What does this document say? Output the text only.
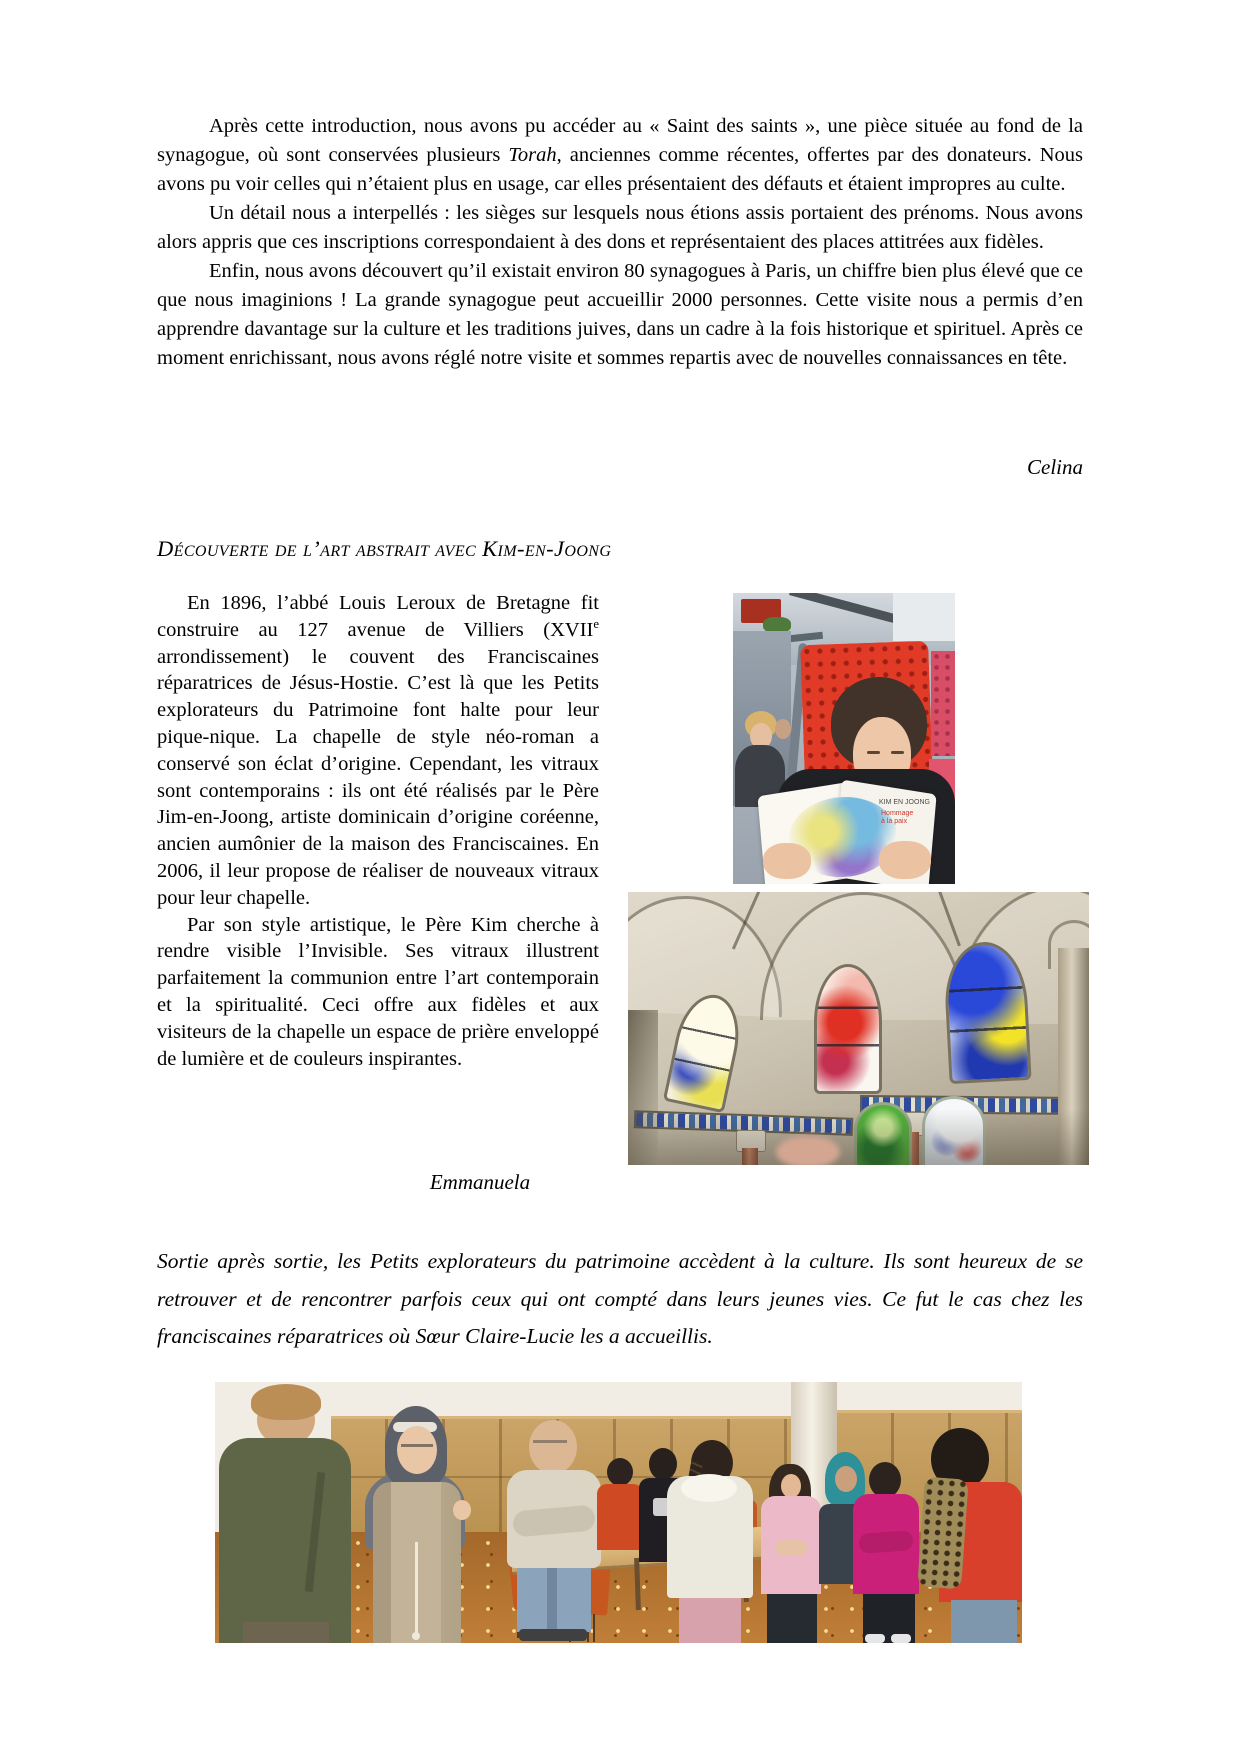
Après cette introduction, nous avons pu accéder au « Saint des saints », une pièce située au fond de la synagogue, où sont conservées plusieurs Torah, anciennes comme récentes, offertes par des donateurs. Nous avons pu voir celles qui n’étaient plus en usage, car elles présentaient des défauts et étaient impropres au culte.

Un détail nous a interpellés : les sièges sur lesquels nous étions assis portaient des prénoms. Nous avons alors appris que ces inscriptions correspondaient à des dons et représentaient des places attitrées aux fidèles.

Enfin, nous avons découvert qu’il existait environ 80 synagogues à Paris, un chiffre bien plus élevé que ce que nous imaginions ! La grande synagogue peut accueillir 2000 personnes. Cette visite nous a permis d’en apprendre davantage sur la culture et les traditions juives, dans un cadre à la fois historique et spirituel. Après ce moment enrichissant, nous avons réglé notre visite et sommes repartis avec de nouvelles connaissances en tête.

Celina
Découverte de l’art abstrait avec Kim-en-Joong

En 1896, l’abbé Louis Leroux de Bretagne fit construire au 127 avenue de Villiers (XVIIe arrondissement) le couvent des Franciscaines réparatrices de Jésus-Hostie. C’est là que les Petits explorateurs du Patrimoine font halte pour leur pique-nique. La chapelle de style néo-roman a conservé son éclat d’origine. Cependant, les vitraux sont contemporains : ils ont été réalisés par le Père Jim-en-Joong, artiste dominicain d’origine coréenne, ancien aumônier de la maison des Franciscaines. En 2006, il leur propose de réaliser de nouveaux vitraux pour leur chapelle.

Par son style artistique, le Père Kim cherche à rendre visible l’Invisible. Ses vitraux illustrent parfaitement la communion entre l’art contemporain et la spiritualité. Ceci offre aux fidèles et aux visiteurs de la chapelle un espace de prière enveloppé de lumière et de couleurs inspirantes.

Emmanuela
Sortie après sortie, les Petits explorateurs du patrimoine accèdent à la culture. Ils sont heureux de se retrouver et de rencontrer parfois ceux qui ont compté dans leurs jeunes vies. Ce fut le cas chez les franciscaines réparatrices où Sœur Claire-Lucie les a accueillis.
KIM EN JOONG
Hommage
à la paix
